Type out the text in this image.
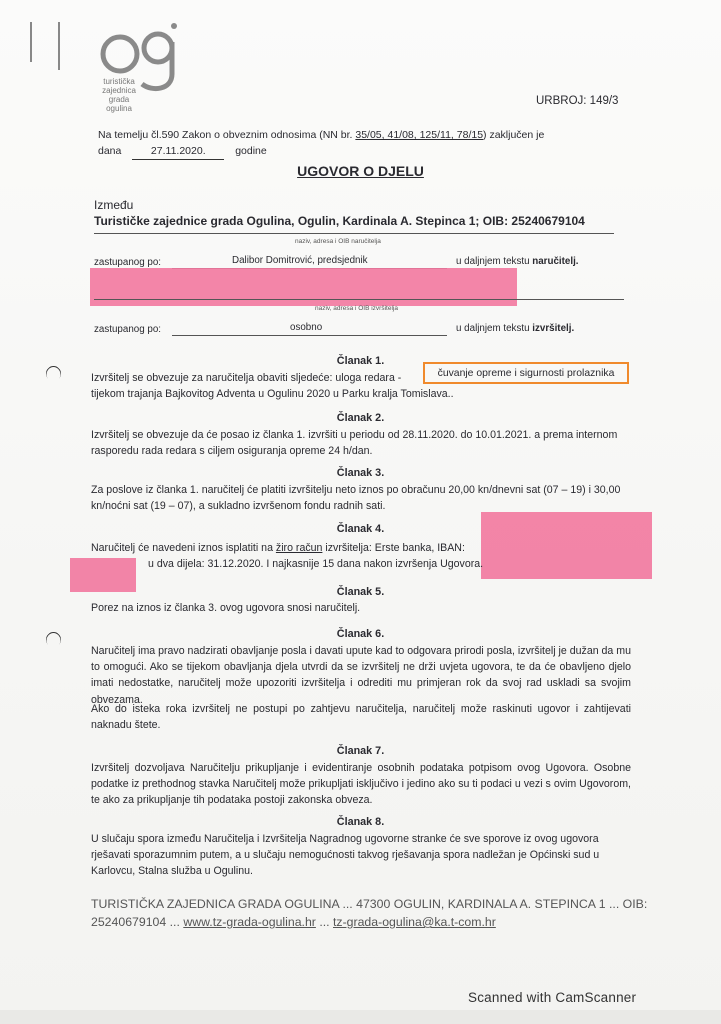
turistička
zajednica
grada
ogulina
URBROJ: 149/3
Na temelju čl.590 Zakon o obveznim odnosima (NN br. 35/05, 41/08, 125/11, 78/15) zaključen je
dana	27.11.2020.	godine
UGOVOR O DJELU
Između
Turističke zajednice grada Ogulina, Ogulin, Kardinala A. Stepinca 1; OIB: 25240679104
naziv, adresa i OIB naručitelja
zastupanog po:	Dalibor Domitrović, predsjednik	u daljnjem tekstu naručitelj.
naziv, adresa i OIB izvršitelja
zastupanog po:	osobno	u daljnjem tekstu izvršitelj.
Članak 1.
Izvršitelj se obvezuje za naručitelja obaviti sljedeće: uloga redara -	čuvanje opreme i sigurnosti prolaznika
tijekom trajanja Bajkovitog Adventa u Ogulinu 2020 u Parku kralja Tomislava..
Članak 2.
Izvršitelj se obvezuje da će posao iz članka 1. izvršiti u periodu od 28.11.2020. do 10.01.2021. a prema internom rasporedu rada redara s ciljem osiguranja opreme 24 h/dan.
Članak 3.
Za poslove iz članka 1. naručitelj će platiti izvršitelju neto iznos po obračunu 20,00 kn/dnevni sat (07 – 19) i 30,00 kn/noćni sat (19 – 07), a sukladno izvršenom fondu radnih sati.
Članak 4.
Naručitelj će navedeni iznos isplatiti na žiro račun izvršitelja: Erste banka, IBAN:
u dva dijela: 31.12.2020. I najkasnije 15 dana nakon izvršenja Ugovora.
Članak 5.
Porez na iznos iz članka 3. ovog ugovora snosi naručitelj.
Članak 6.
Naručitelj ima pravo nadzirati obavljanje posla i davati upute kad to odgovara prirodi posla, izvršitelj je dužan da mu to omogući. Ako se tijekom obavljanja djela utvrdi da se izvršitelj ne drži uvjeta ugovora, te da će obavljeno djelo imati nedostatke, naručitelj može upozoriti izvršitelja i odrediti mu primjeran rok da svoj rad uskladi sa svojim obvezama.
Ako do isteka roka izvršitelj ne postupi po zahtjevu naručitelja, naručitelj može raskinuti ugovor i zahtijevati naknadu štete.
Članak 7.
Izvršitelj dozvoljava Naručitelju prikupljanje i evidentiranje osobnih podataka potpisom ovog Ugovora. Osobne podatke iz prethodnog stavka Naručitelj može prikupljati isključivo i jedino ako su ti podaci u vezi s ovim Ugovorom, te ako za prikupljanje tih podataka postoji zakonska obveza.
Članak 8.
U slučaju spora između Naručitelja i Izvršitelja Nagradnog ugovorne stranke će sve sporove iz ovog ugovora rješavati sporazumnim putem, a u slučaju nemogućnosti takvog rješavanja spora nadležan je Općinski sud u Karlovcu, Stalna služba u Ogulinu.
TURISTIČKA ZAJEDNICA GRADA OGULINA ... 47300 OGULIN, KARDINALA A. STEPINCA 1 ... OIB:
25240679104 ... www.tz-grada-ogulina.hr ... tz-grada-ogulina@ka.t-com.hr
Scanned with CamScanner
